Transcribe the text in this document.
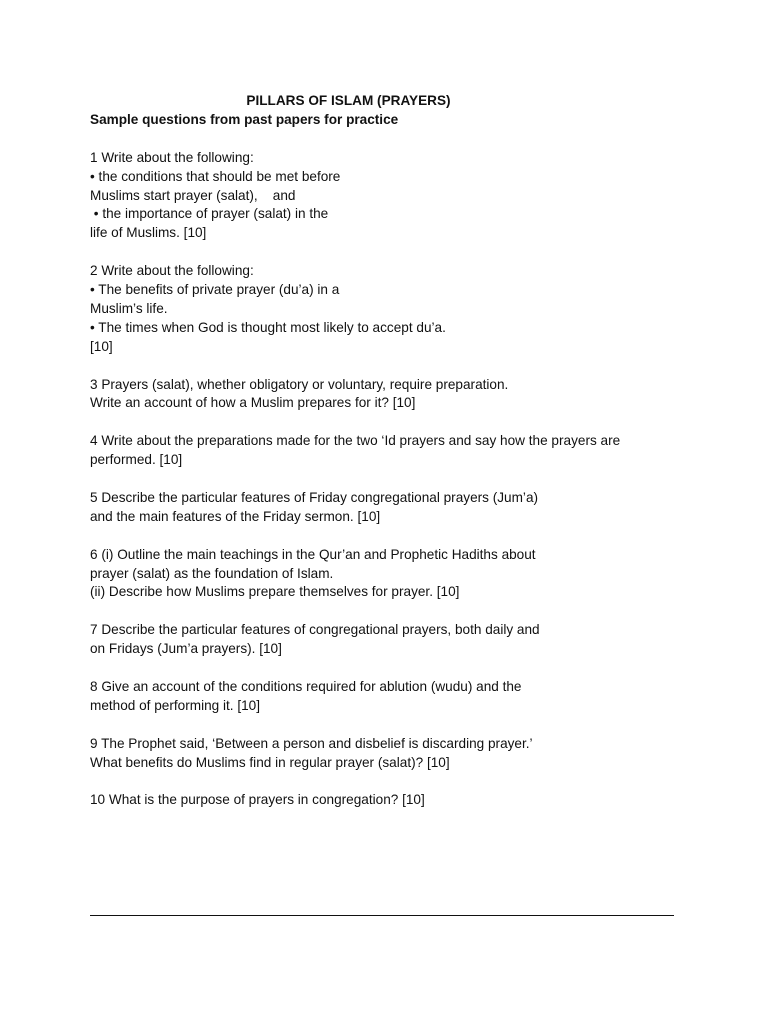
PILLARS OF ISLAM (PRAYERS)

Sample questions from past papers for practice

1 Write about the following:
• the conditions that should be met before
Muslims start prayer (salat),    and
• the importance of prayer (salat) in the
life of Muslims. [10]
2 Write about the following:
• The benefits of private prayer (du’a) in a
Muslim’s life.
• The times when God is thought most likely to accept du’a.
[10]
3 Prayers (salat), whether obligatory or voluntary, require preparation.
Write an account of how a Muslim prepares for it? [10]
4 Write about the preparations made for the two ‘Id prayers and say how the prayers are
performed. [10]
5 Describe the particular features of Friday congregational prayers (Jum’a)
and the main features of the Friday sermon. [10]
6 (i) Outline the main teachings in the Qur’an and Prophetic Hadiths about
prayer (salat) as the foundation of Islam.
(ii) Describe how Muslims prepare themselves for prayer. [10]
7 Describe the particular features of congregational prayers, both daily and
on Fridays (Jum’a prayers). [10]
8 Give an account of the conditions required for ablution (wudu) and the
method of performing it. [10]
9 The Prophet said, ‘Between a person and disbelief is discarding prayer.’
What benefits do Muslims find in regular prayer (salat)? [10]
10 What is the purpose of prayers in congregation? [10]
